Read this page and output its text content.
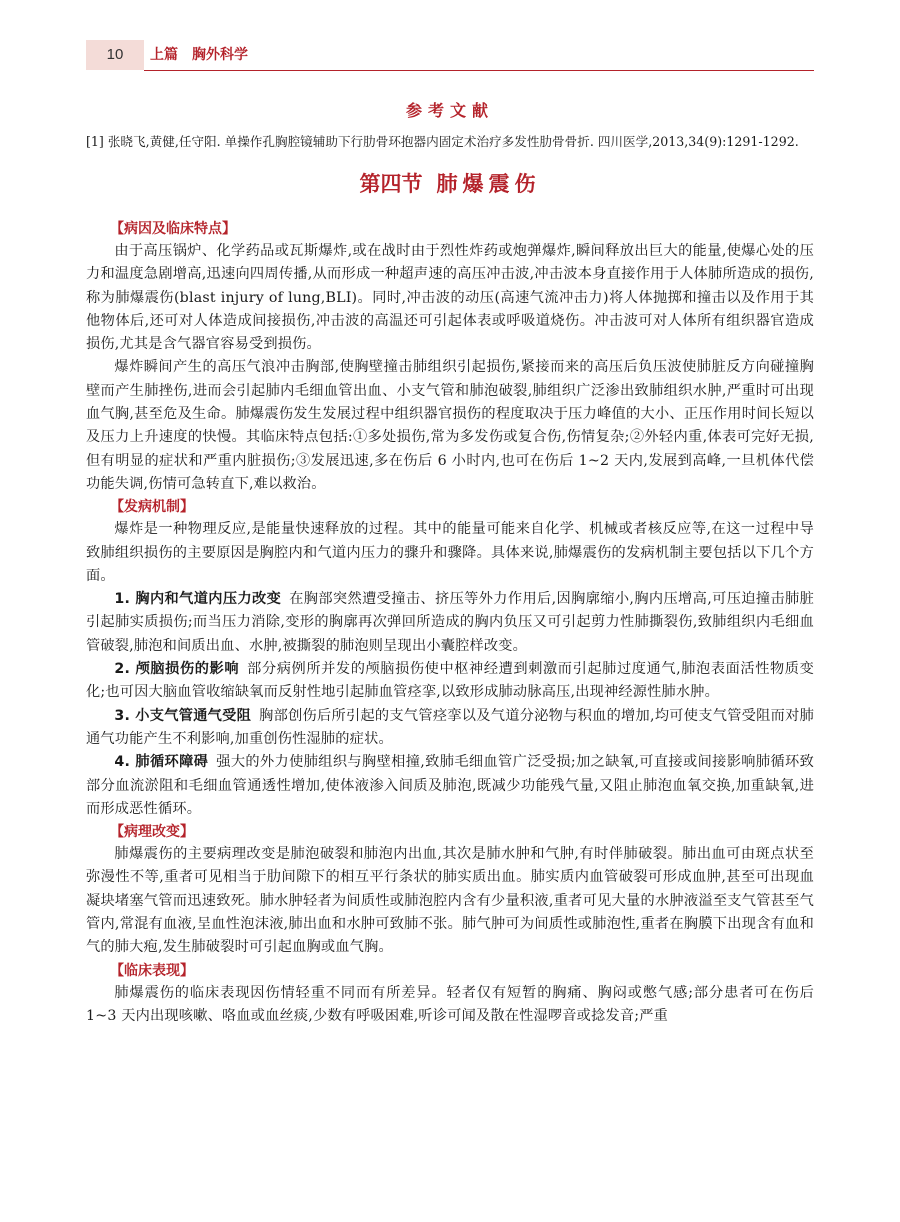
10	上篇 胸外科学
参考文献
[1] 张晓飞,黄健,任守阳. 单操作孔胸腔镜辅助下行肋骨环抱器内固定术治疗多发性肋骨骨折. 四川医学,2013,34(9):1291-1292.
第四节 肺爆震伤
【病因及临床特点】

由于高压锅炉、化学药品或瓦斯爆炸,或在战时由于烈性炸药或炮弹爆炸,瞬间释放出巨大的能量,使爆心处的压力和温度急剧增高,迅速向四周传播,从而形成一种超声速的高压冲击波,冲击波本身直接作用于人体肺所造成的损伤,称为肺爆震伤(blast injury of lung,BLI)。同时,冲击波的动压(高速气流冲击力)将人体抛掷和撞击以及作用于其他物体后,还可对人体造成间接损伤,冲击波的高温还可引起体表或呼吸道烧伤。冲击波可对人体所有组织器官造成损伤,尤其是含气器官容易受到损伤。

爆炸瞬间产生的高压气浪冲击胸部,使胸壁撞击肺组织引起损伤,紧接而来的高压后负压波使肺脏反方向碰撞胸壁而产生肺挫伤,进而会引起肺内毛细血管出血、小支气管和肺泡破裂,肺组织广泛渗出致肺组织水肿,严重时可出现血气胸,甚至危及生命。肺爆震伤发生发展过程中组织器官损伤的程度取决于压力峰值的大小、正压作用时间长短以及压力上升速度的快慢。其临床特点包括:①多处损伤,常为多发伤或复合伤,伤情复杂;②外轻内重,体表可完好无损,但有明显的症状和严重内脏损伤;③发展迅速,多在伤后 6 小时内,也可在伤后 1~2 天内,发展到高峰,一旦机体代偿功能失调,伤情可急转直下,难以救治。

【发病机制】

爆炸是一种物理反应,是能量快速释放的过程。其中的能量可能来自化学、机械或者核反应等,在这一过程中导致肺组织损伤的主要原因是胸腔内和气道内压力的骤升和骤降。具体来说,肺爆震伤的发病机制主要包括以下几个方面。

1. 胸内和气道内压力改变 在胸部突然遭受撞击、挤压等外力作用后,因胸廓缩小,胸内压增高,可压迫撞击肺脏引起肺实质损伤;而当压力消除,变形的胸廓再次弹回所造成的胸内负压又可引起剪力性肺撕裂伤,致肺组织内毛细血管破裂,肺泡和间质出血、水肿,被撕裂的肺泡则呈现出小囊腔样改变。

2. 颅脑损伤的影响 部分病例所并发的颅脑损伤使中枢神经遭到刺激而引起肺过度通气,肺泡表面活性物质变化;也可因大脑血管收缩缺氧而反射性地引起肺血管痉挛,以致形成肺动脉高压,出现神经源性肺水肿。

3. 小支气管通气受阻 胸部创伤后所引起的支气管痉挛以及气道分泌物与积血的增加,均可使支气管受阻而对肺通气功能产生不利影响,加重创伤性湿肺的症状。

4. 肺循环障碍 强大的外力使肺组织与胸壁相撞,致肺毛细血管广泛受损;加之缺氧,可直接或间接影响肺循环致部分血流淤阻和毛细血管通透性增加,使体液渗入间质及肺泡,既减少功能残气量,又阻止肺泡血氧交换,加重缺氧,进而形成恶性循环。

【病理改变】

肺爆震伤的主要病理改变是肺泡破裂和肺泡内出血,其次是肺水肿和气肿,有时伴肺破裂。肺出血可由斑点状至弥漫性不等,重者可见相当于肋间隙下的相互平行条状的肺实质出血。肺实质内血管破裂可形成血肿,甚至可出现血凝块堵塞气管而迅速致死。肺水肿轻者为间质性或肺泡腔内含有少量积液,重者可见大量的水肿液溢至支气管甚至气管内,常混有血液,呈血性泡沫液,肺出血和水肿可致肺不张。肺气肿可为间质性或肺泡性,重者在胸膜下出现含有血和气的肺大疱,发生肺破裂时可引起血胸或血气胸。

【临床表现】

肺爆震伤的临床表现因伤情轻重不同而有所差异。轻者仅有短暂的胸痛、胸闷或憋气感;部分患者可在伤后 1~3 天内出现咳嗽、咯血或血丝痰,少数有呼吸困难,听诊可闻及散在性湿啰音或捻发音;严重
